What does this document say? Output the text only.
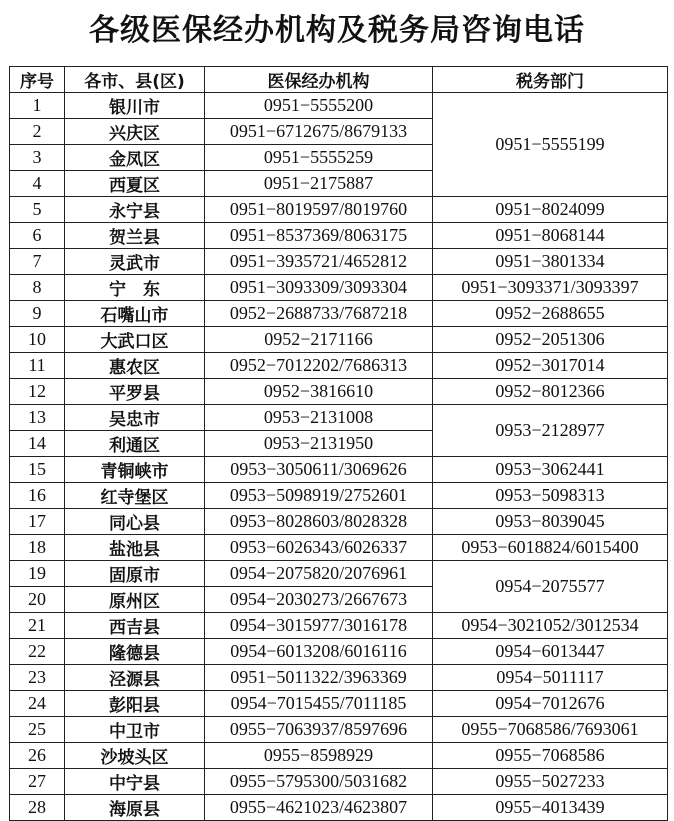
各级医保经办机构及税务局咨询电话
序号	各市、县(区)	医保经办机构	税务部门
1	银川市	0951−5555200	0951−5555199
2	兴庆区	0951−6712675/8679133	
3	金凤区	0951−5555259	
4	西夏区	0951−2175887	
5	永宁县	0951−8019597/8019760	0951−8024099
6	贺兰县	0951−8537369/8063175	0951−8068144
7	灵武市	0951−3935721/4652812	0951−3801334
8	宁　东	0951−3093309/3093304	0951−3093371/3093397
9	石嘴山市	0952−2688733/7687218	0952−2688655
10	大武口区	0952−2171166	0952−2051306
11	惠农区	0952−7012202/7686313	0952−3017014
12	平罗县	0952−3816610	0952−8012366
13	吴忠市	0953−2131008	0953−2128977
14	利通区	0953−2131950	
15	青铜峡市	0953−3050611/3069626	0953−3062441
16	红寺堡区	0953−5098919/2752601	0953−5098313
17	同心县	0953−8028603/8028328	0953−8039045
18	盐池县	0953−6026343/6026337	0953−6018824/6015400
19	固原市	0954−2075820/2076961	0954−2075577
20	原州区	0954−2030273/2667673	
21	西吉县	0954−3015977/3016178	0954−3021052/3012534
22	隆德县	0954−6013208/6016116	0954−6013447
23	泾源县	0951−5011322/3963369	0954−5011117
24	彭阳县	0954−7015455/7011185	0954−7012676
25	中卫市	0955−7063937/8597696	0955−7068586/7693061
26	沙坡头区	0955−8598929	0955−7068586
27	中宁县	0955−5795300/5031682	0955−5027233
28	海原县	0955−4621023/4623807	0955−4013439
